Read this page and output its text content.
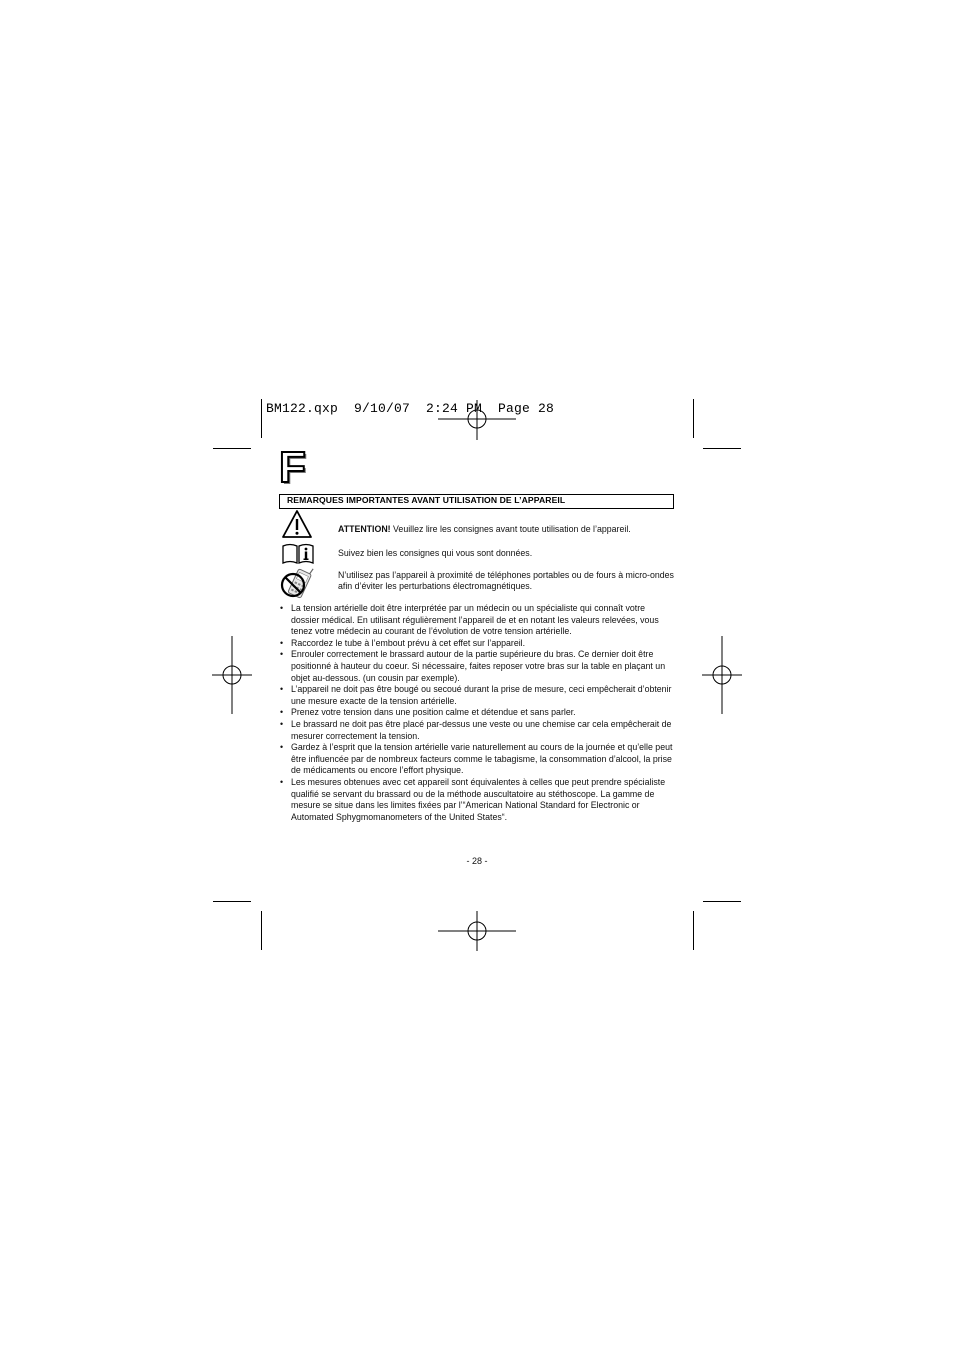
BM122.qxp  9/10/07  2:24 PM  Page 28
F
REMARQUES IMPORTANTES AVANT UTILISATION DE L’APPAREIL
ATTENTION! Veuillez lire les consignes avant toute utilisation de l’appareil.
Suivez bien les consignes qui vous sont données.
N’utilisez pas l’appareil à proximité de téléphones portables ou de fours à micro-ondes afin d’éviter les perturbations électromagnétiques.
• La tension artérielle doit être interprétée par un médecin ou un spécialiste qui connaît votre dossier médical. En utilisant régulièrement l’appareil de et en notant les valeurs relevées, vous tenez votre médecin au courant de l’évolution de votre tension artérielle.
• Raccordez le tube à l’embout prévu à cet effet sur l’appareil.
• Enrouler correctement le brassard autour de la partie supérieure du bras. Ce dernier doit être positionné à hauteur du coeur. Si nécessaire, faites reposer votre bras sur la table en plaçant un objet au-dessous. (un cousin par exemple).
• L’appareil ne doit pas être bougé ou secoué durant la prise de mesure, ceci empêcherait d’obtenir une mesure exacte de la tension artérielle.
• Prenez votre tension dans une position calme et détendue et sans parler.
• Le brassard ne doit pas être placé par-dessus une veste ou une chemise car cela empêcherait de mesurer correctement la tension.
• Gardez à l’esprit que la tension artérielle varie naturellement au cours de la journée et qu’elle peut être influencée par de nombreux facteurs comme le tabagisme, la consommation d’alcool, la prise de médicaments ou encore l’effort physique.
• Les mesures obtenues avec cet appareil sont équivalentes à celles que peut prendre spécialiste qualifié se servant du brassard ou de la méthode auscultatoire au stéthoscope. La gamme de mesure se situe dans les limites fixées par l’“American National Standard for Electronic or Automated Sphygmomanometers of the United States“.
- 28 -
